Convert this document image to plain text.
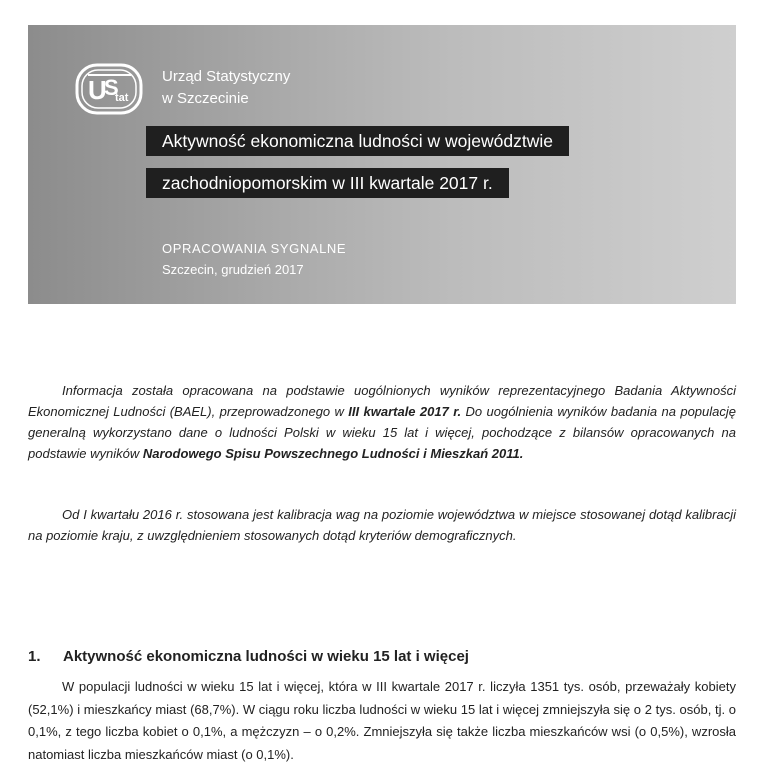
U
S
tat
Urząd Statystyczny
w Szczecinie
Aktywność ekonomiczna ludności w województwie
zachodniopomorskim w III kwartale 2017 r.
OPRACOWANIA SYGNALNE
Szczecin, grudzień 2017
Informacja została opracowana na podstawie uogólnionych wyników reprezentacyjnego Badania Aktywności Ekonomicznej Ludności (BAEL), przeprowadzonego w III kwartale 2017 r. Do uogólnienia wyników badania na populację generalną wykorzystano dane o ludności Polski w wieku 15 lat i więcej, pochodzące z bilansów opracowanych na podstawie wyników Narodowego Spisu Powszechnego Ludności i Mieszkań 2011.
Od I kwartału 2016 r. stosowana jest kalibracja wag na poziomie województwa w miejsce stosowanej dotąd kalibracji na poziomie kraju, z uwzględnieniem stosowanych dotąd kryteriów demograficznych.
1. Aktywność ekonomiczna ludności w wieku 15 lat i więcej
W populacji ludności w wieku 15 lat i więcej, która w III kwartale 2017 r. liczyła 1351 tys. osób, przeważały kobiety (52,1%) i mieszkańcy miast (68,7%). W ciągu roku liczba ludności w wieku 15 lat i więcej zmniejszyła się o 2 tys. osób, tj. o 0,1%, z tego liczba kobiet o 0,1%, a mężczyzn – o 0,2%. Zmniejszyła się także liczba mieszkańców wsi (o 0,5%), wzrosła natomiast liczba mieszkańców miast (o 0,1%).
